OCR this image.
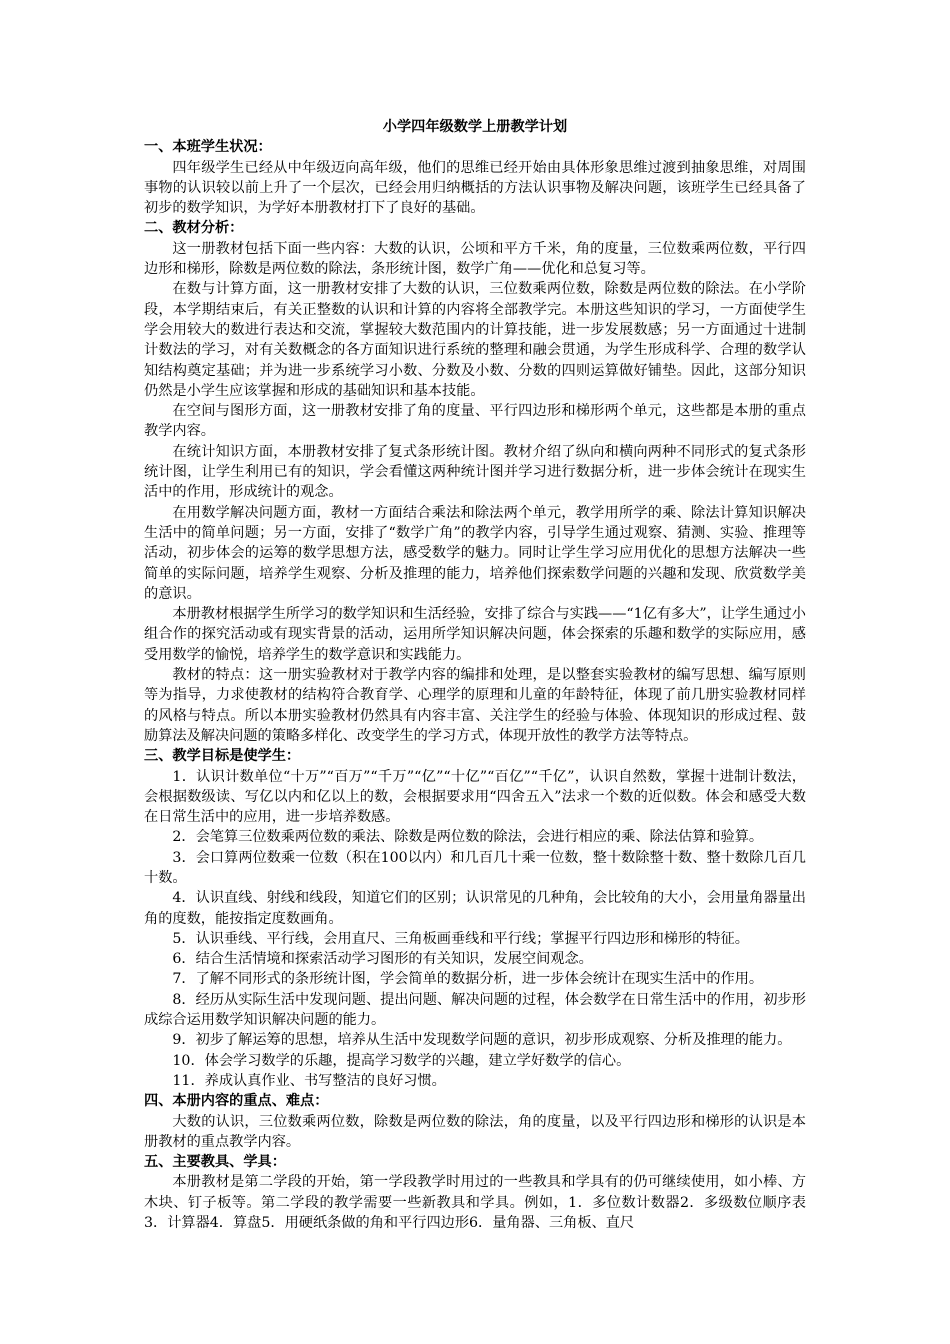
小学四年级数学上册教学计划
一、本班学生状况：

四年级学生已经从中年级迈向高年级，他们的思维已经开始由具体形象思维过渡到抽象思维，对周围事物的认识较以前上升了一个层次，已经会用归纳概括的方法认识事物及解决问题，该班学生已经具备了初步的数学知识，为学好本册教材打下了良好的基础。

二、教材分析：

这一册教材包括下面一些内容：大数的认识，公顷和平方千米，角的度量，三位数乘两位数，平行四边形和梯形，除数是两位数的除法，条形统计图，数学广角——优化和总复习等。

在数与计算方面，这一册教材安排了大数的认识，三位数乘两位数，除数是两位数的除法。在小学阶段，本学期结束后，有关正整数的认识和计算的内容将全部教学完。本册这些知识的学习，一方面使学生学会用较大的数进行表达和交流，掌握较大数范围内的计算技能，进一步发展数感；另一方面通过十进制计数法的学习，对有关数概念的各方面知识进行系统的整理和融会贯通，为学生形成科学、合理的数学认知结构奠定基础；并为进一步系统学习小数、分数及小数、分数的四则运算做好铺垫。因此，这部分知识仍然是小学生应该掌握和形成的基础知识和基本技能。

在空间与图形方面，这一册教材安排了角的度量、平行四边形和梯形两个单元，这些都是本册的重点教学内容。

在统计知识方面，本册教材安排了复式条形统计图。教材介绍了纵向和横向两种不同形式的复式条形统计图，让学生利用已有的知识，学会看懂这两种统计图并学习进行数据分析，进一步体会统计在现实生活中的作用，形成统计的观念。

在用数学解决问题方面，教材一方面结合乘法和除法两个单元，教学用所学的乘、除法计算知识解决生活中的简单问题；另一方面，安排了“数学广角”的教学内容，引导学生通过观察、猜测、实验、推理等活动，初步体会的运筹的数学思想方法，感受数学的魅力。同时让学生学习应用优化的思想方法解决一些简单的实际问题，培养学生观察、分析及推理的能力，培养他们探索数学问题的兴趣和发现、欣赏数学美的意识。

本册教材根据学生所学习的数学知识和生活经验，安排了综合与实践——“1亿有多大”，让学生通过小组合作的探究活动或有现实背景的活动，运用所学知识解决问题，体会探索的乐趣和数学的实际应用，感受用数学的愉悦，培养学生的数学意识和实践能力。

教材的特点：这一册实验教材对于教学内容的编排和处理，是以整套实验教材的编写思想、编写原则等为指导，力求使教材的结构符合教育学、心理学的原理和儿童的年龄特征，体现了前几册实验教材同样的风格与特点。所以本册实验教材仍然具有内容丰富、关注学生的经验与体验、体现知识的形成过程、鼓励算法及解决问题的策略多样化、改变学生的学习方式，体现开放性的教学方法等特点。

三、教学目标是使学生：

1．认识计数单位“十万”“百万”“千万”“亿”“十亿”“百亿”“千亿”，认识自然数，掌握十进制计数法，会根据数级读、写亿以内和亿以上的数，会根据要求用“四舍五入”法求一个数的近似数。体会和感受大数在日常生活中的应用，进一步培养数感。

2．会笔算三位数乘两位数的乘法、除数是两位数的除法，会进行相应的乘、除法估算和验算。

3．会口算两位数乘一位数（积在100以内）和几百几十乘一位数，整十数除整十数、整十数除几百几十数。

4．认识直线、射线和线段，知道它们的区别；认识常见的几种角，会比较角的大小，会用量角器量出角的度数，能按指定度数画角。

5．认识垂线、平行线，会用直尺、三角板画垂线和平行线；掌握平行四边形和梯形的特征。

6．结合生活情境和探索活动学习图形的有关知识，发展空间观念。

7．了解不同形式的条形统计图，学会简单的数据分析，进一步体会统计在现实生活中的作用。

8．经历从实际生活中发现问题、提出问题、解决问题的过程，体会数学在日常生活中的作用，初步形成综合运用数学知识解决问题的能力。

9．初步了解运筹的思想，培养从生活中发现数学问题的意识，初步形成观察、分析及推理的能力。

10．体会学习数学的乐趣，提高学习数学的兴趣，建立学好数学的信心。

11．养成认真作业、书写整洁的良好习惯。

四、本册内容的重点、难点：

大数的认识，三位数乘两位数，除数是两位数的除法，角的度量，以及平行四边形和梯形的认识是本册教材的重点教学内容。

五、主要教具、学具：

本册教材是第二学段的开始，第一学段教学时用过的一些教具和学具有的仍可继续使用，如小棒、方木块、钉子板等。第二学段的教学需要一些新教具和学具。例如，1．多位数计数器2．多级数位顺序表3．计算器4．算盘5．用硬纸条做的角和平行四边形6．量角器、三角板、直尺
